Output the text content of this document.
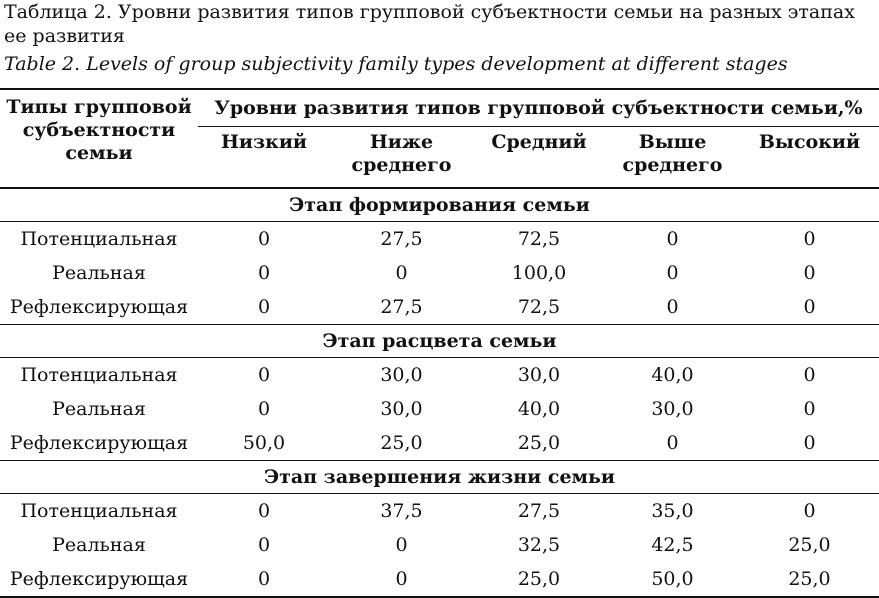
Таблица 2. Уровни развития типов групповой субъектности семьи на разных этапах ее развития
Table 2. Levels of group subjectivity family types development at different stages
Типы групповой субъектности семьи	Уровни развития типов групповой субъектности семьи,%				
	Низкий	Ниже среднего	Средний	Выше среднего	Высокий
Этап формирования семьи					
Потенциальная	0	27,5	72,5	0	0
Реальная	0	0	100,0	0	0
Рефлексирующая	0	27,5	72,5	0	0
Этап расцвета семьи					
Потенциальная	0	30,0	30,0	40,0	0
Реальная	0	30,0	40,0	30,0	0
Рефлексирующая	50,0	25,0	25,0	0	0
Этап завершения жизни семьи					
Потенциальная	0	37,5	27,5	35,0	0
Реальная	0	0	32,5	42,5	25,0
Рефлексирующая	0	0	25,0	50,0	25,0
